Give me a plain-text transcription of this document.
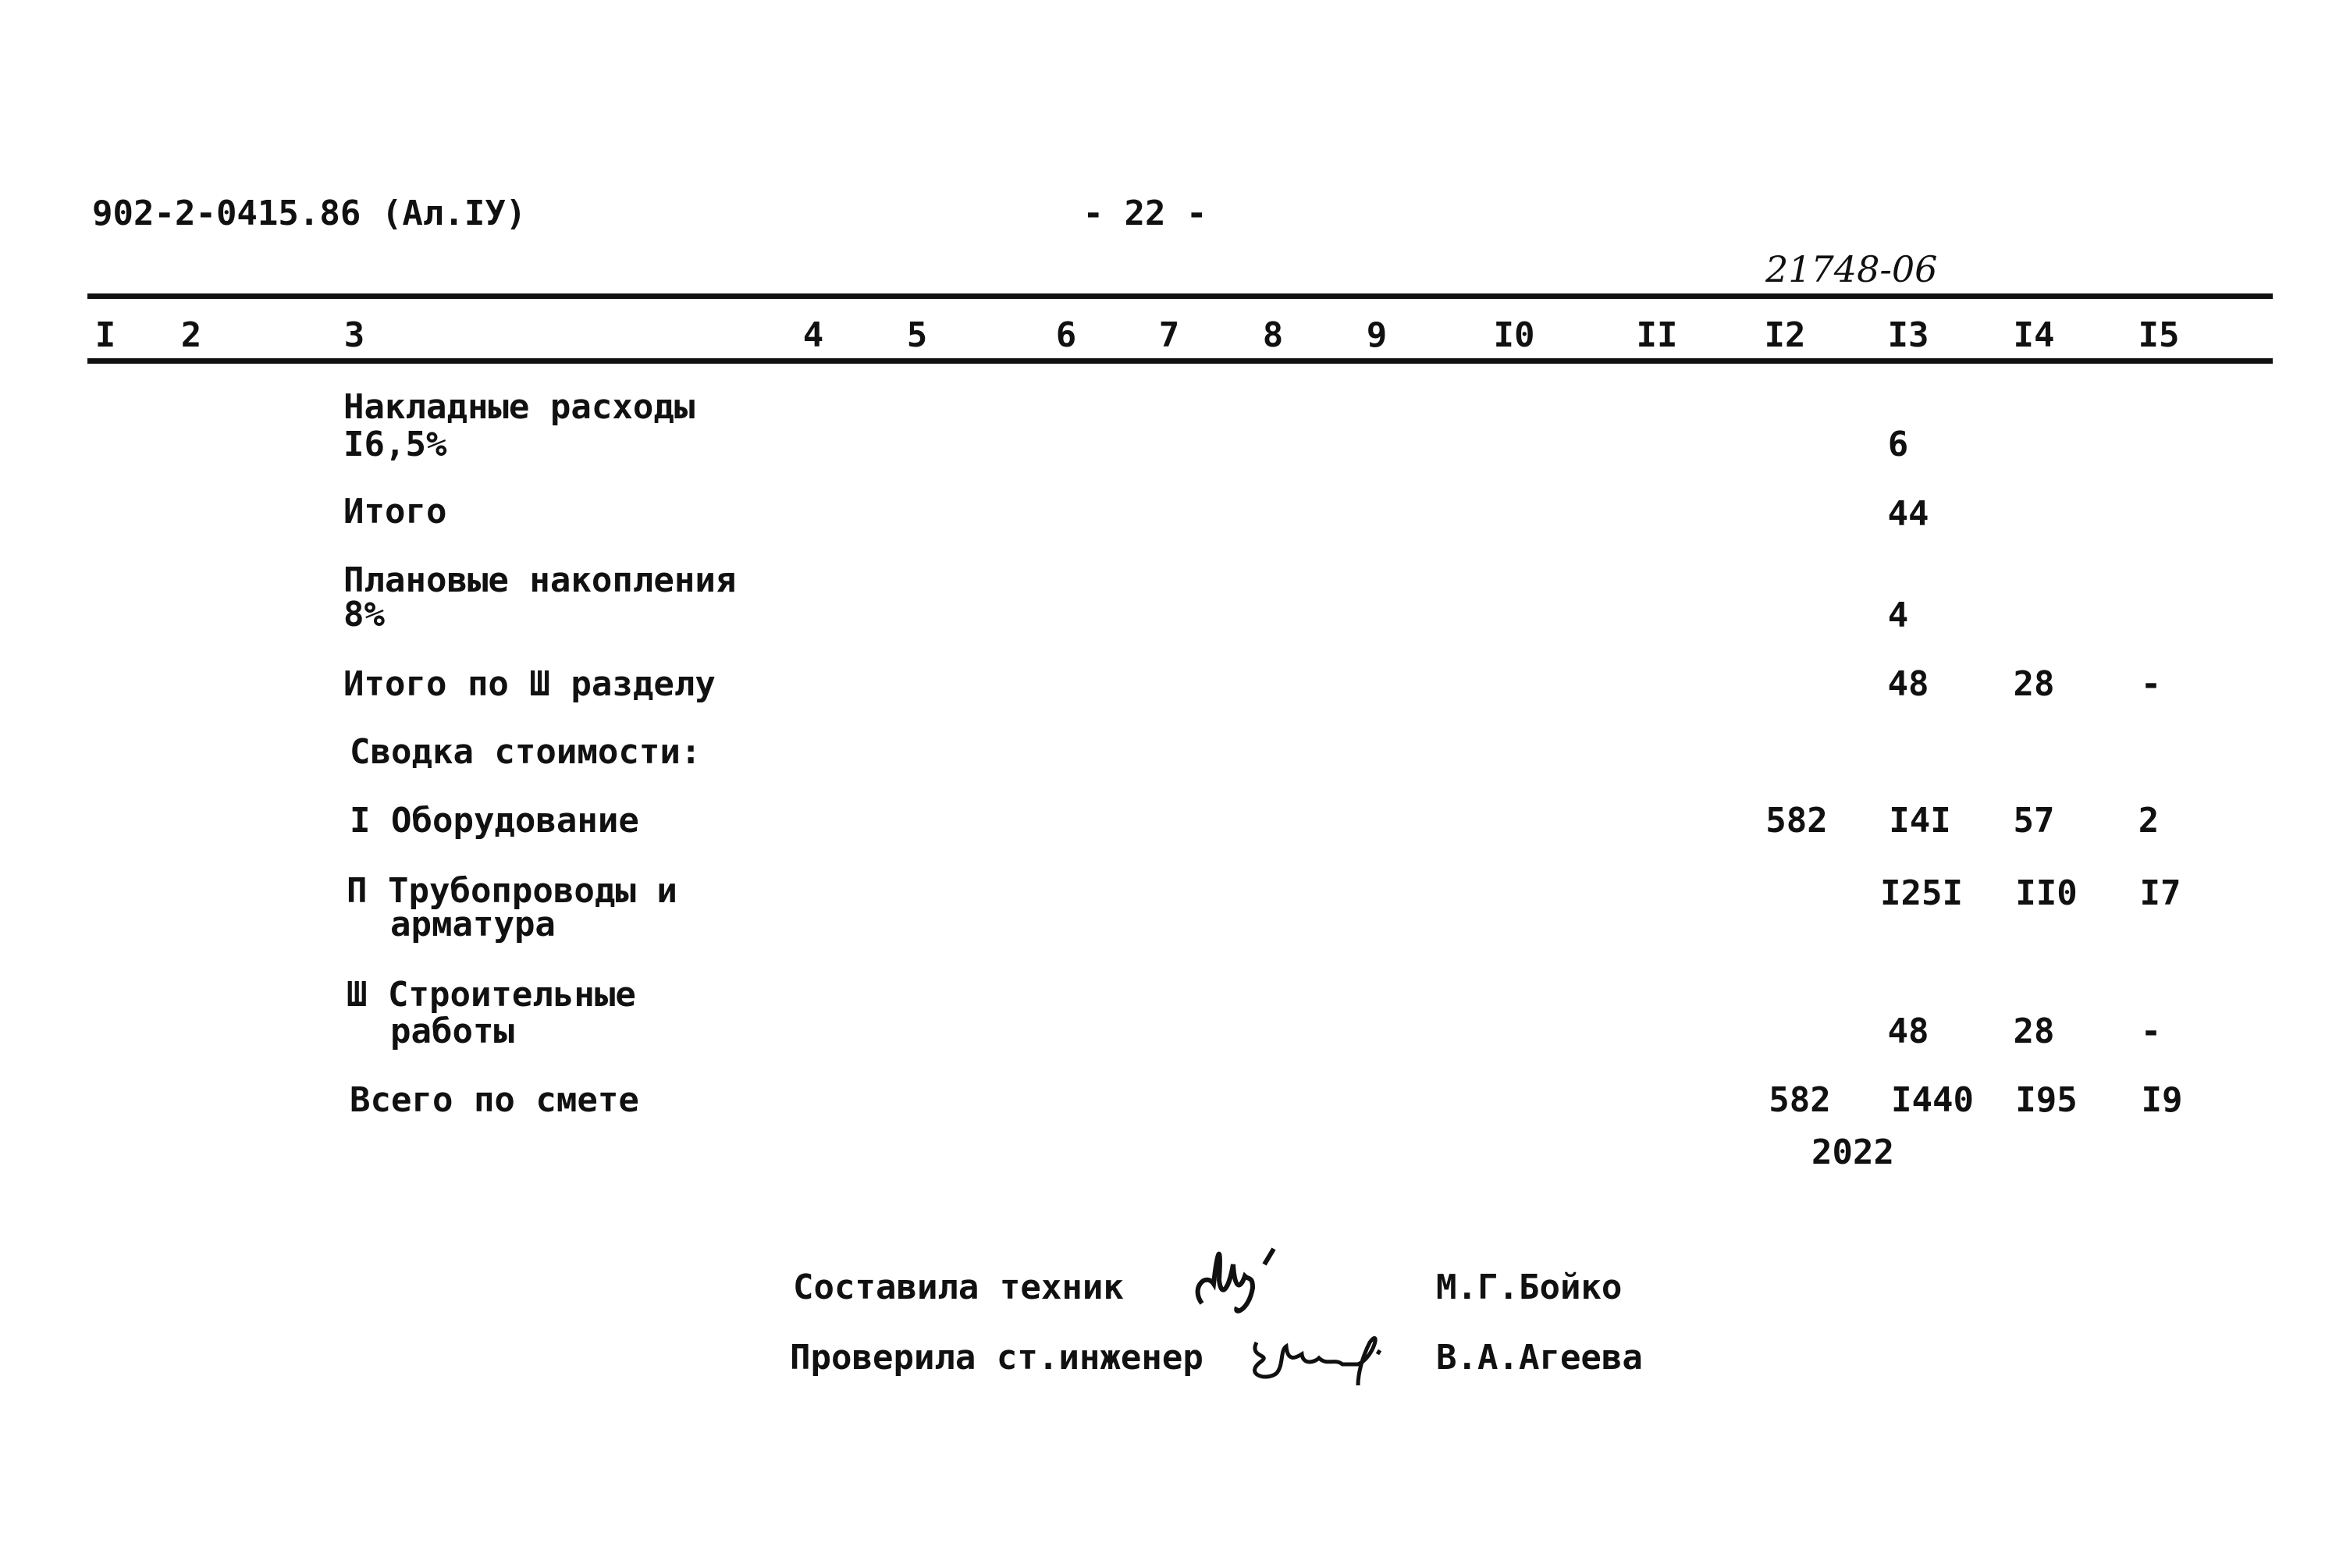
902-2-0415.86 (Ал.IУ)	- 22 -
21748-06
I 2	3	4 5	6 7 8 9	I0	II	I2 I3 I4 I5
Накладные расходы
I6,5%	6
Итого	44
Плановые накопления
8%	4
Итого по Ш разделу	48 28	-
Сводка стоимости:
I Оборудование	582 I4I 57 2
П Трубопроводы и
арматура
I25I II0 I7
Ш Строительные
работы	48 28	-
Всего по смете	582 I440 I95 I9
2022
Составила техник	М.Г.Бойко
Проверила ст.инженер	В.А.Агеева
